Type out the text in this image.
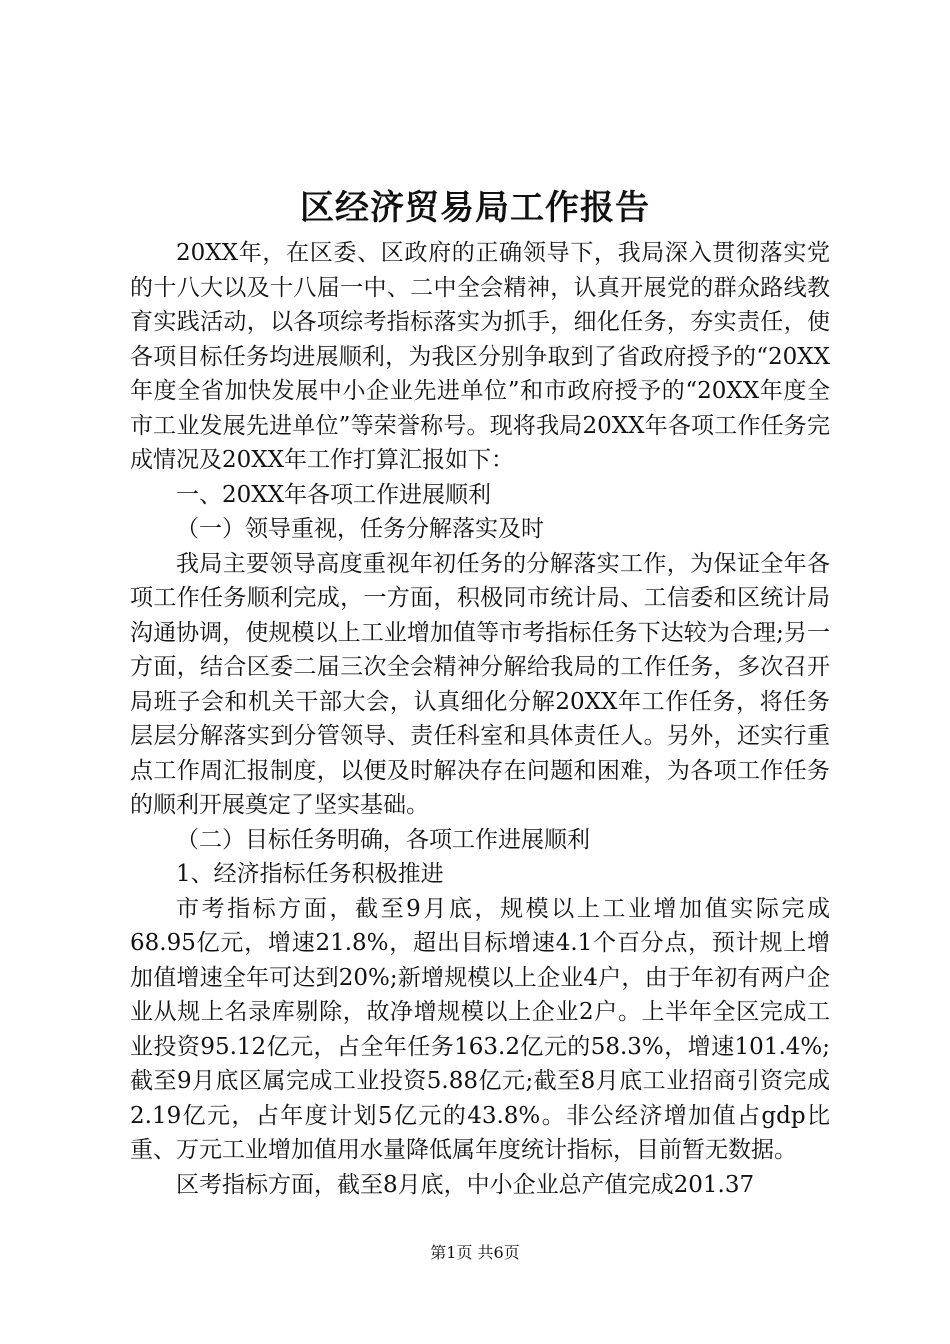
区经济贸易局工作报告

20XX年，在区委、区政府的正确领导下，我局深入贯彻落实党的十八大以及十八届一中、二中全会精神，认真开展党的群众路线教育实践活动，以各项综考指标落实为抓手，细化任务，夯实责任，使各项目标任务均进展顺利，为我区分别争取到了省政府授予的“20XX年度全省加快发展中小企业先进单位”和市政府授予的“20XX年度全市工业发展先进单位”等荣誉称号。现将我局20XX年各项工作任务完成情况及20XX年工作打算汇报如下：

一、20XX年各项工作进展顺利

（一）领导重视，任务分解落实及时

我局主要领导高度重视年初任务的分解落实工作，为保证全年各项工作任务顺利完成，一方面，积极同市统计局、工信委和区统计局沟通协调，使规模以上工业增加值等市考指标任务下达较为合理;另一方面，结合区委二届三次全会精神分解给我局的工作任务，多次召开局班子会和机关干部大会，认真细化分解20XX年工作任务，将任务层层分解落实到分管领导、责任科室和具体责任人。另外，还实行重点工作周汇报制度，以便及时解决存在问题和困难，为各项工作任务的顺利开展奠定了坚实基础。

（二）目标任务明确，各项工作进展顺利

1、经济指标任务积极推进

市考指标方面，截至9月底，规模以上工业增加值实际完成68.95亿元，增速21.8%，超出目标增速4.1个百分点，预计规上增加值增速全年可达到20%;新增规模以上企业4户，由于年初有两户企业从规上名录库剔除，故净增规模以上企业2户。上半年全区完成工业投资95.12亿元，占全年任务163.2亿元的58.3%，增速101.4%;截至9月底区属完成工业投资5.88亿元;截至8月底工业招商引资完成2.19亿元，占年度计划5亿元的43.8%。非公经济增加值占gdp比重、万元工业增加值用水量降低属年度统计指标，目前暂无数据。

区考指标方面，截至8月底，中小企业总产值完成201.37

第1页 共6页
